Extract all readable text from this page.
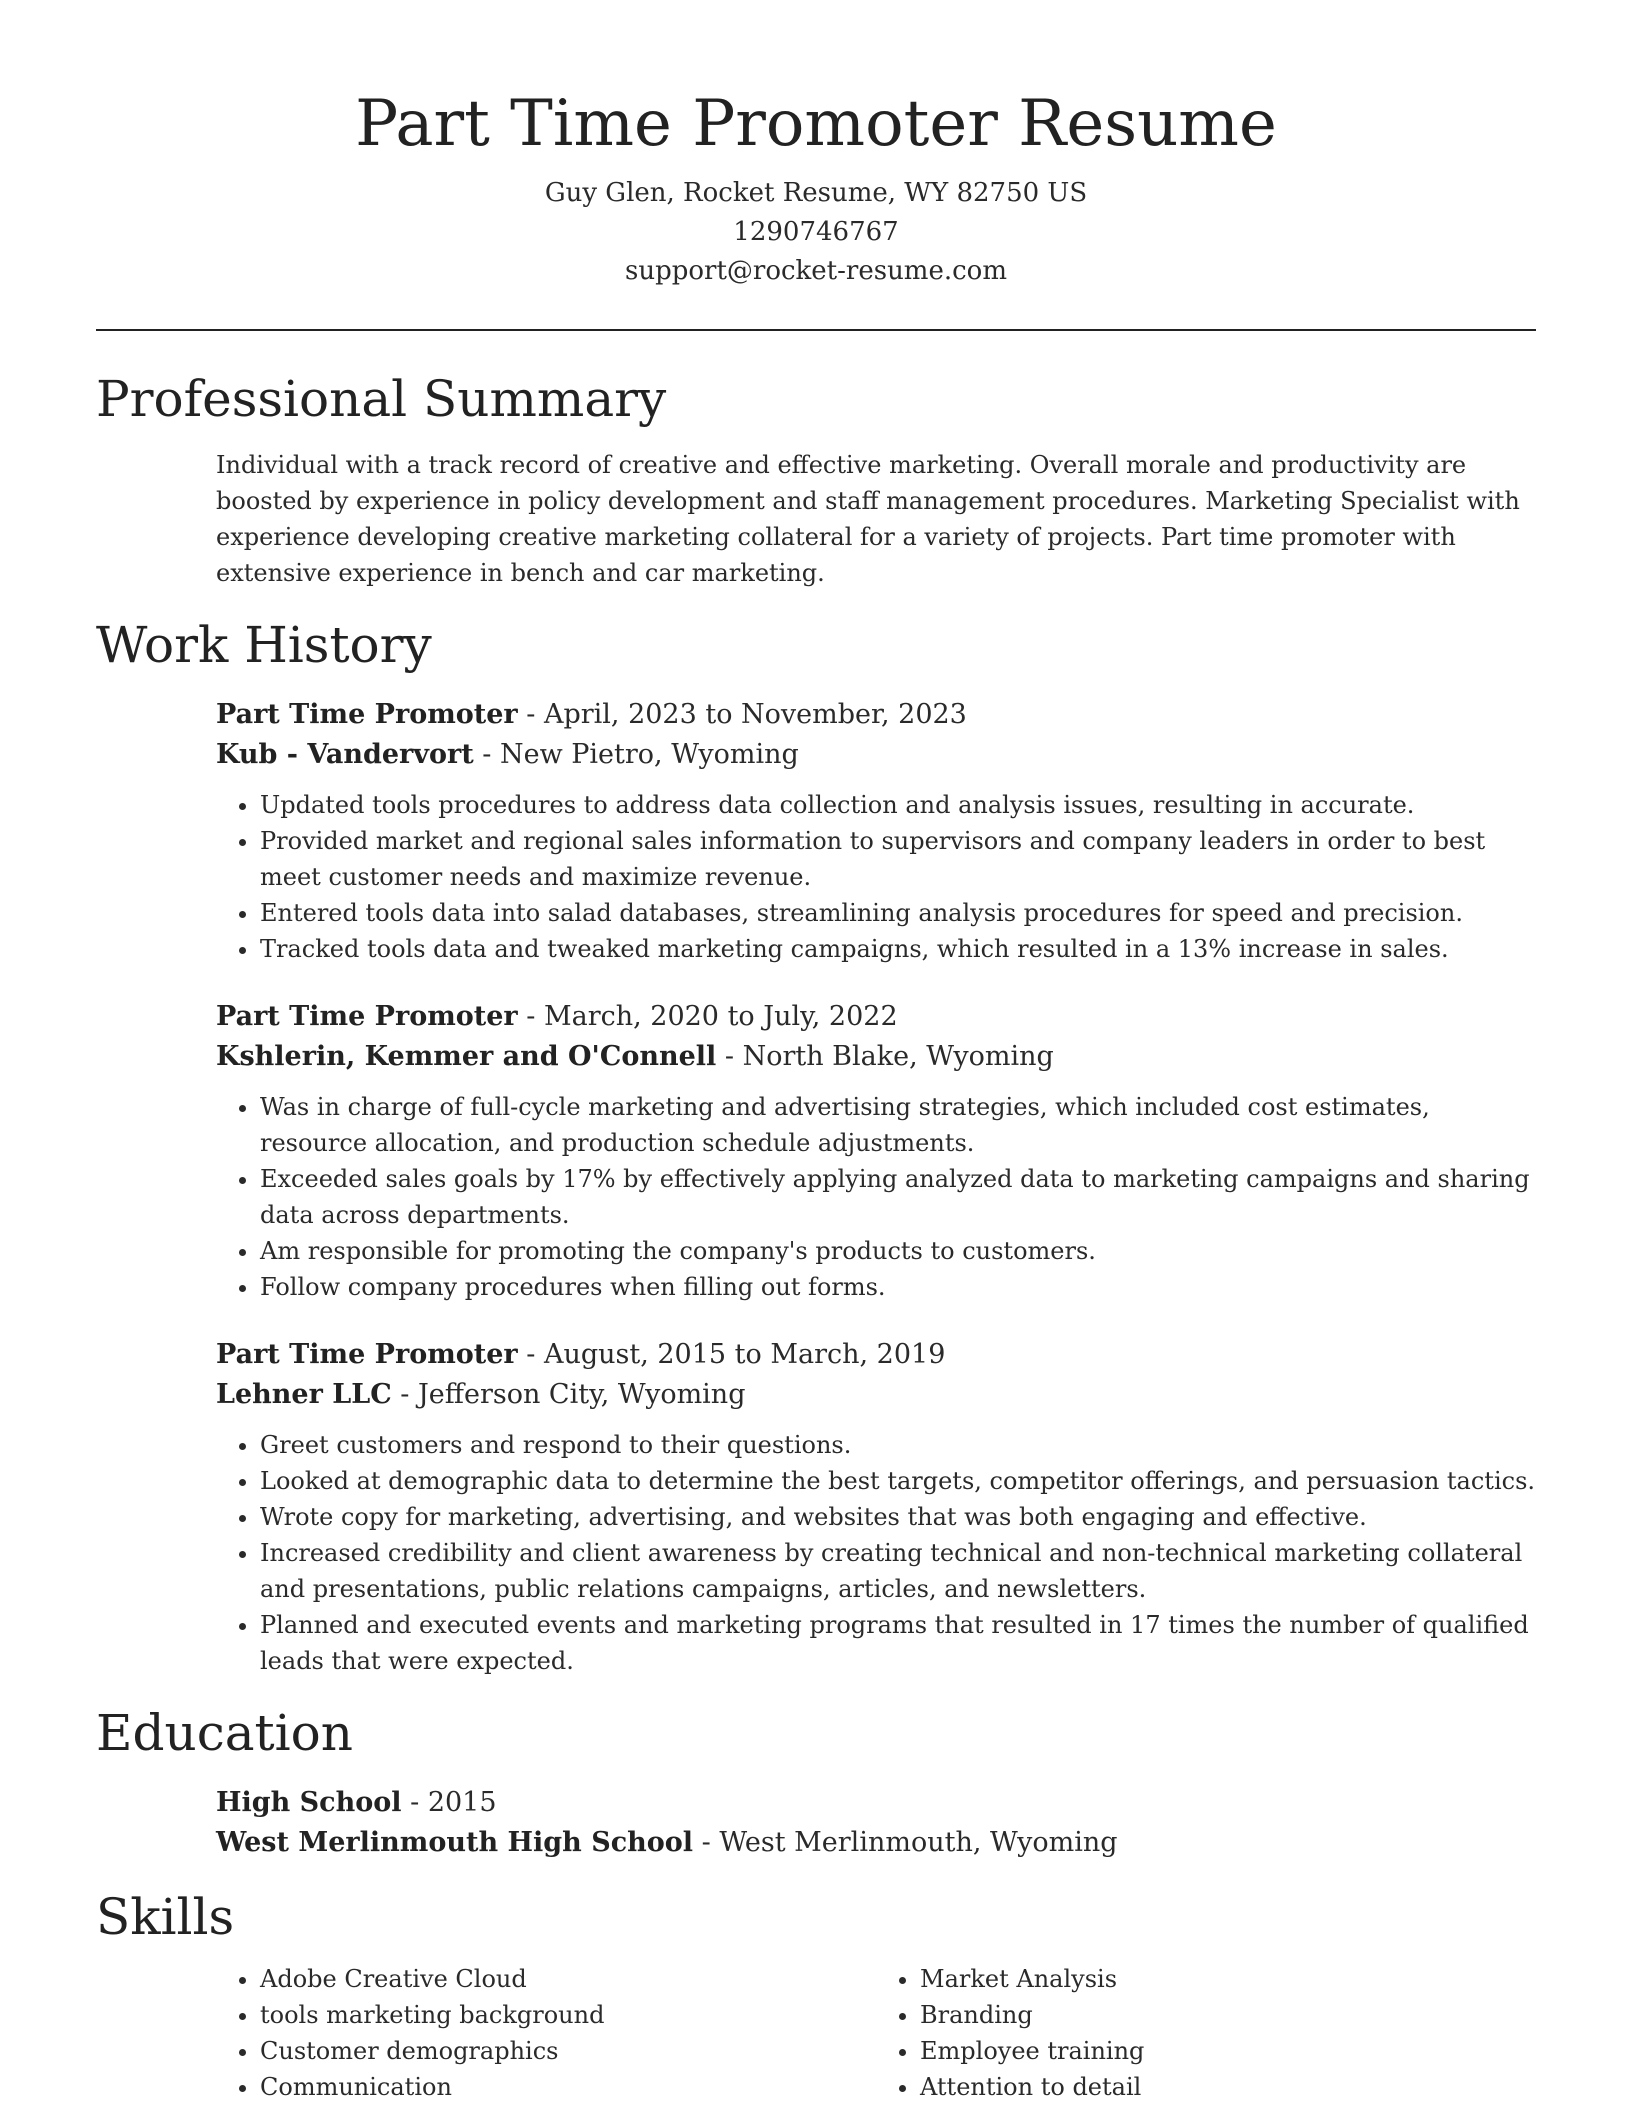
Part Time Promoter Resume

Guy Glen, Rocket Resume, WY 82750 US

1290746767

support@rocket-resume.com

Professional Summary

Individual with a track record of creative and effective marketing. Overall morale and productivity are boosted by experience in policy development and staff management procedures. Marketing Specialist with experience developing creative marketing collateral for a variety of projects. Part time promoter with extensive experience in bench and car marketing.

Work History

Part Time Promoter - April, 2023 to November, 2023

Kub - Vandervort - New Pietro, Wyoming

• Updated tools procedures to address data collection and analysis issues, resulting in accurate.
• Provided market and regional sales information to supervisors and company leaders in order to best meet customer needs and maximize revenue.
• Entered tools data into salad databases, streamlining analysis procedures for speed and precision.
• Tracked tools data and tweaked marketing campaigns, which resulted in a 13% increase in sales.

Part Time Promoter - March, 2020 to July, 2022

Kshlerin, Kemmer and O'Connell - North Blake, Wyoming

• Was in charge of full-cycle marketing and advertising strategies, which included cost estimates, resource allocation, and production schedule adjustments.
• Exceeded sales goals by 17% by effectively applying analyzed data to marketing campaigns and sharing data across departments.
• Am responsible for promoting the company's products to customers.
• Follow company procedures when filling out forms.

Part Time Promoter - August, 2015 to March, 2019

Lehner LLC - Jefferson City, Wyoming

• Greet customers and respond to their questions.
• Looked at demographic data to determine the best targets, competitor offerings, and persuasion tactics.
• Wrote copy for marketing, advertising, and websites that was both engaging and effective.
• Increased credibility and client awareness by creating technical and non-technical marketing collateral and presentations, public relations campaigns, articles, and newsletters.
• Planned and executed events and marketing programs that resulted in 17 times the number of qualified leads that were expected.
Education

High School - 2015

West Merlinmouth High School - West Merlinmouth, Wyoming

Skills
• Adobe Creative Cloud
• tools marketing background
• Customer demographics
• Communication
• Market Analysis
• Branding
• Employee training
• Attention to detail
